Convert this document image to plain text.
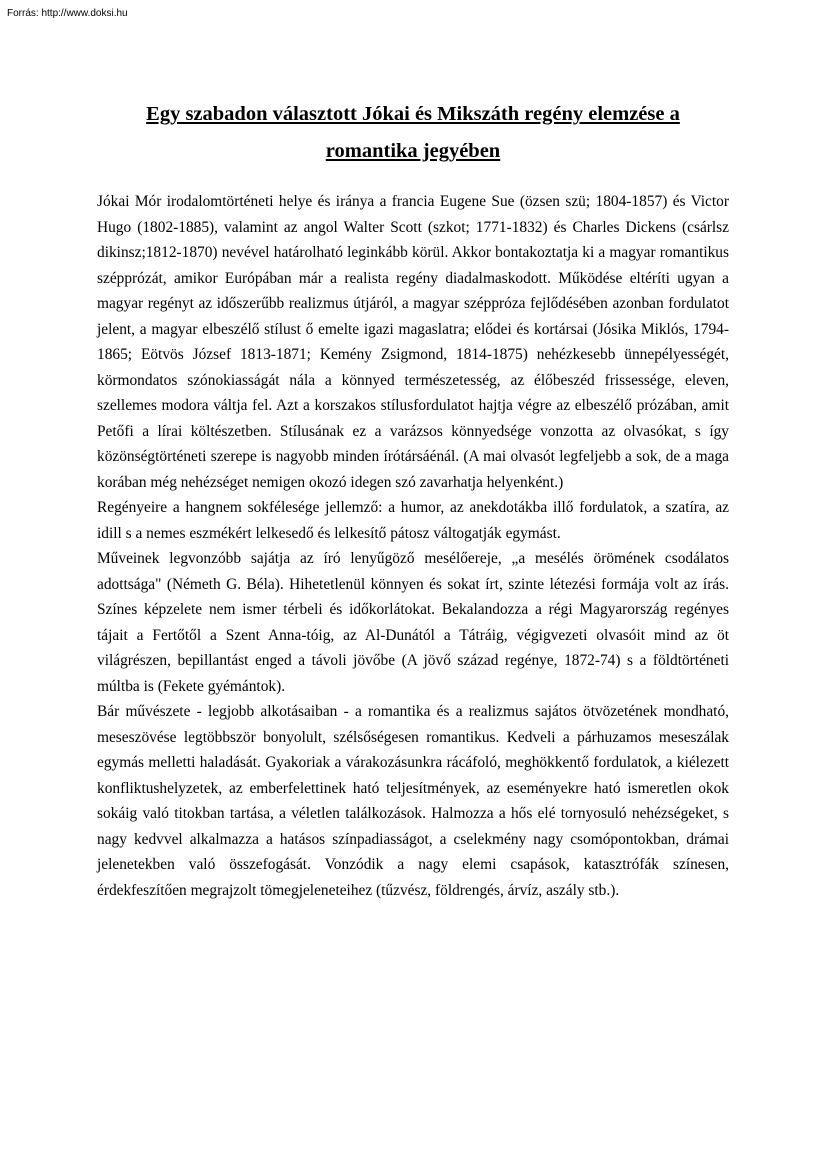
Forrás: http://www.doksi.hu
Egy szabadon választott Jókai és Mikszáth regény elemzése a
romantika jegyében

Jókai Mór irodalomtörténeti helye és iránya a francia Eugene Sue (özsen szü; 1804-1857) és Victor Hugo (1802-1885), valamint az angol Walter Scott (szkot; 1771-1832) és Charles Dickens (csárlsz dikinsz;1812-1870) nevével határolható leginkább körül. Akkor bontakoztatja ki a magyar romantikus szépprózát, amikor Európában már a realista regény diadalmaskodott. Működése eltéríti ugyan a magyar regényt az időszerűbb realizmus útjáról, a magyar széppróza fejlődésében azonban fordulatot jelent, a magyar elbeszélő stílust ő emelte igazi magaslatra; elődei és kortársai (Jósika Miklós, 1794-1865; Eötvös József 1813-1871; Kemény Zsigmond, 1814-1875) nehézkesebb ünnepélyességét, körmondatos szónokiasságát nála a könnyed természetesség, az élőbeszéd frissessége, eleven, szellemes modora váltja fel. Azt a korszakos stílusfordulatot hajtja végre az elbeszélő prózában, amit Petőfi a lírai költészetben. Stílusának ez a varázsos könnyedsége vonzotta az olvasókat, s így közönségtörténeti szerepe is nagyobb minden írótársáénál. (A mai olvasót legfeljebb a sok, de a maga korában még nehézséget nemigen okozó idegen szó zavarhatja helyenként.)

Regényeire a hangnem sokfélesége jellemző: a humor, az anekdotákba illő fordulatok, a szatíra, az idill s a nemes eszmékért lelkesedő és lelkesítő pátosz váltogatják egymást.

Műveinek legvonzóbb sajátja az író lenyűgöző mesélőereje, „a mesélés örömének csodálatos adottsága" (Németh G. Béla). Hihetetlenül könnyen és sokat írt, szinte létezési formája volt az írás. Színes képzelete nem ismer térbeli és időkorlátokat. Bekalandozza a régi Magyarország regényes tájait a Fertőtől a Szent Anna-tóig, az Al-Dunától a Tátráig, végigvezeti olvasóit mind az öt világrészen, bepillantást enged a távoli jövőbe (A jövő század regénye, 1872-74) s a földtörténeti múltba is (Fekete gyémántok).

Bár művészete - legjobb alkotásaiban - a romantika és a realizmus sajátos ötvözetének mondható, meseszövése legtöbbször bonyolult, szélsőségesen romantikus. Kedveli a párhuzamos meseszálak egymás melletti haladását. Gyakoriak a várakozásunkra rácáfoló, meghökkentő fordulatok, a kiélezett konfliktushelyzetek, az emberfelettinek ható teljesítmények, az eseményekre ható ismeretlen okok sokáig való titokban tartása, a véletlen találkozások. Halmozza a hős elé tornyosuló nehézségeket, s nagy kedvvel alkalmazza a hatásos színpadiasságot, a cselekmény nagy csomópontokban, drámai jelenetekben való összefogását. Vonzódik a nagy elemi csapások, katasztrófák színesen, érdekfeszítően megrajzolt tömegjeleneteihez (tűzvész, földrengés, árvíz, aszály stb.).
